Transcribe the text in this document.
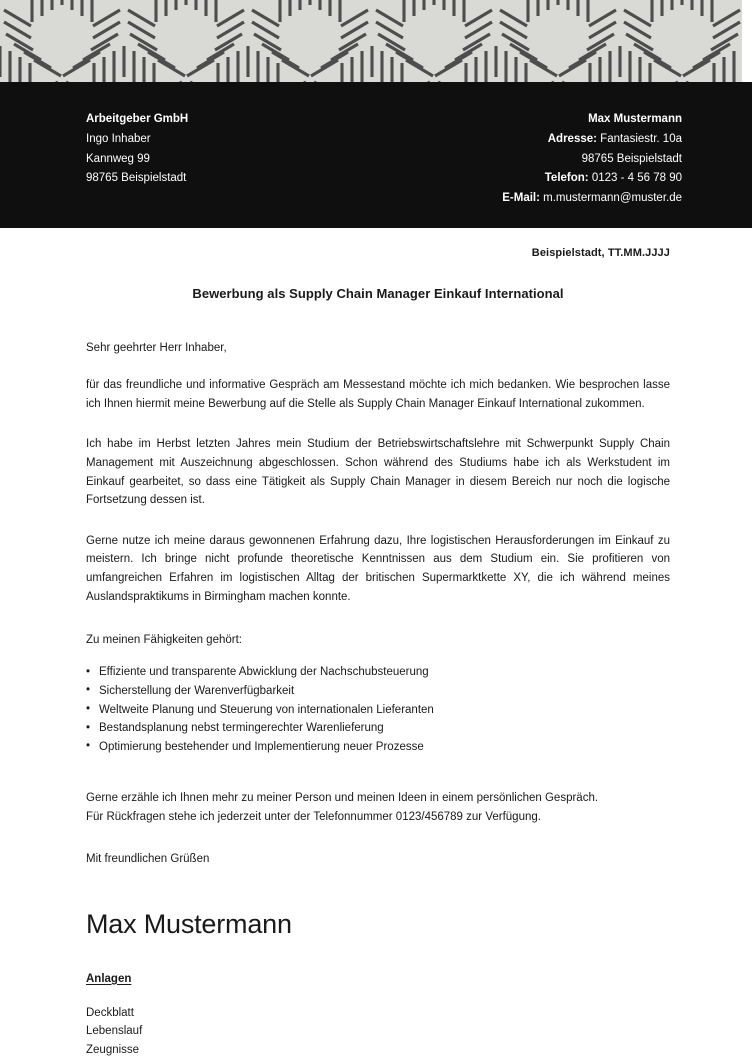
Arbeitgeber GmbH
Ingo Inhaber
Kannweg 99
98765 Beispielstadt
Max Mustermann
Adresse: Fantasiestr. 10a
98765 Beispielstadt
Telefon: 0123 - 4 56 78 90
E-Mail: m.mustermann@muster.de
Beispielstadt, TT.MM.JJJJ
Bewerbung als Supply Chain Manager Einkauf International
Sehr geehrter Herr Inhaber,

für das freundliche und informative Gespräch am Messestand möchte ich mich bedanken. Wie besprochen lasse ich Ihnen hiermit meine Bewerbung auf die Stelle als Supply Chain Manager Einkauf International zukommen.

Ich habe im Herbst letzten Jahres mein Studium der Betriebswirtschaftslehre mit Schwerpunkt Supply Chain Management mit Auszeichnung abgeschlossen. Schon während des Studiums habe ich als Werkstudent im Einkauf gearbeitet, so dass eine Tätigkeit als Supply Chain Manager in diesem Bereich nur noch die logische Fortsetzung dessen ist.

Gerne nutze ich meine daraus gewonnenen Erfahrung dazu, Ihre logistischen Herausforderungen im Einkauf zu meistern. Ich bringe nicht profunde theoretische Kenntnissen aus dem Studium ein. Sie profitieren von umfangreichen Erfahren im logistischen Alltag der britischen Supermarktkette XY, die ich während meines Auslandspraktikums in Birmingham machen konnte.

Zu meinen Fähigkeiten gehört:
• Effiziente und transparente Abwicklung der Nachschubsteuerung
• Sicherstellung der Warenverfügbarkeit
• Weltweite Planung und Steuerung von internationalen Lieferanten
• Bestandsplanung nebst termingerechter Warenlieferung
• Optimierung bestehender und Implementierung neuer Prozesse
Gerne erzähle ich Ihnen mehr zu meiner Person und meinen Ideen in einem persönlichen Gespräch.
Für Rückfragen stehe ich jederzeit unter der Telefonnummer 0123/456789 zur Verfügung.
Mit freundlichen Grüßen
Max Mustermann
Anlagen
Deckblatt
Lebenslauf
Zeugnisse
